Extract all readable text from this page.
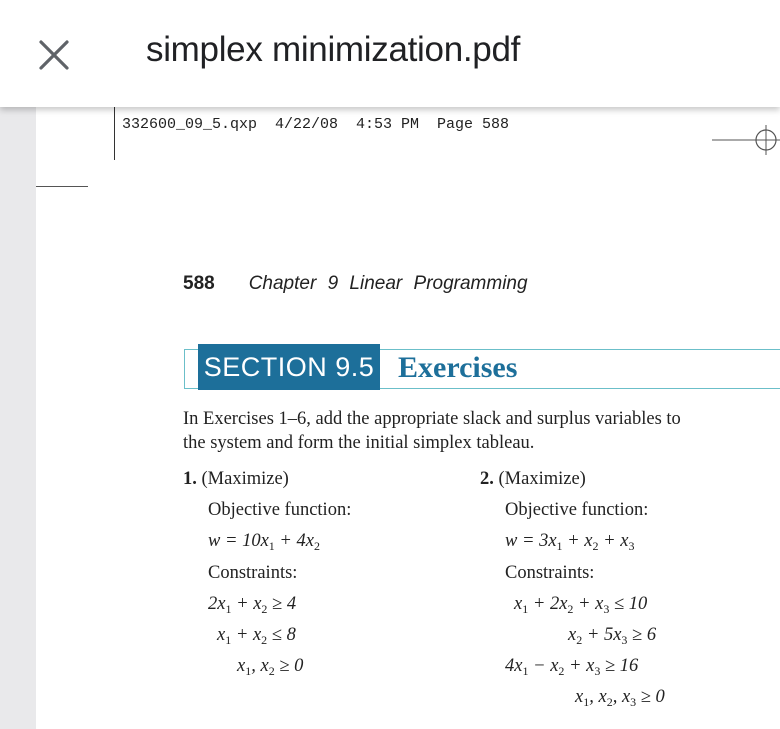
simplex minimization.pdf
332600_09_5.qxp  4/22/08  4:53 PM  Page 588
588 Chapter 9 Linear Programming
SECTION 9.5 Exercises
In Exercises 1–6, add the appropriate slack and surplus variables to
the system and form the initial simplex tableau.
1. (Maximize)
Objective function:
$w = 10x_1 + 4x_2$
Constraints:
$2x_1 + x_2 \ge 4$
$x_1 + x_2 \le 8$
$x_1$, $x_2 \ge 0$
2. (Maximize)
Objective function:
$w = 3x_1 + x_2 + x_3$
Constraints:
$x_1 + 2x_2 + x_3 \le 10$
$x_2 + 5x_3 \ge 6$
$4x_1 - x_2 + x_3 \ge 16$
$x_1$, $x_2$, $x_3 \ge 0$
